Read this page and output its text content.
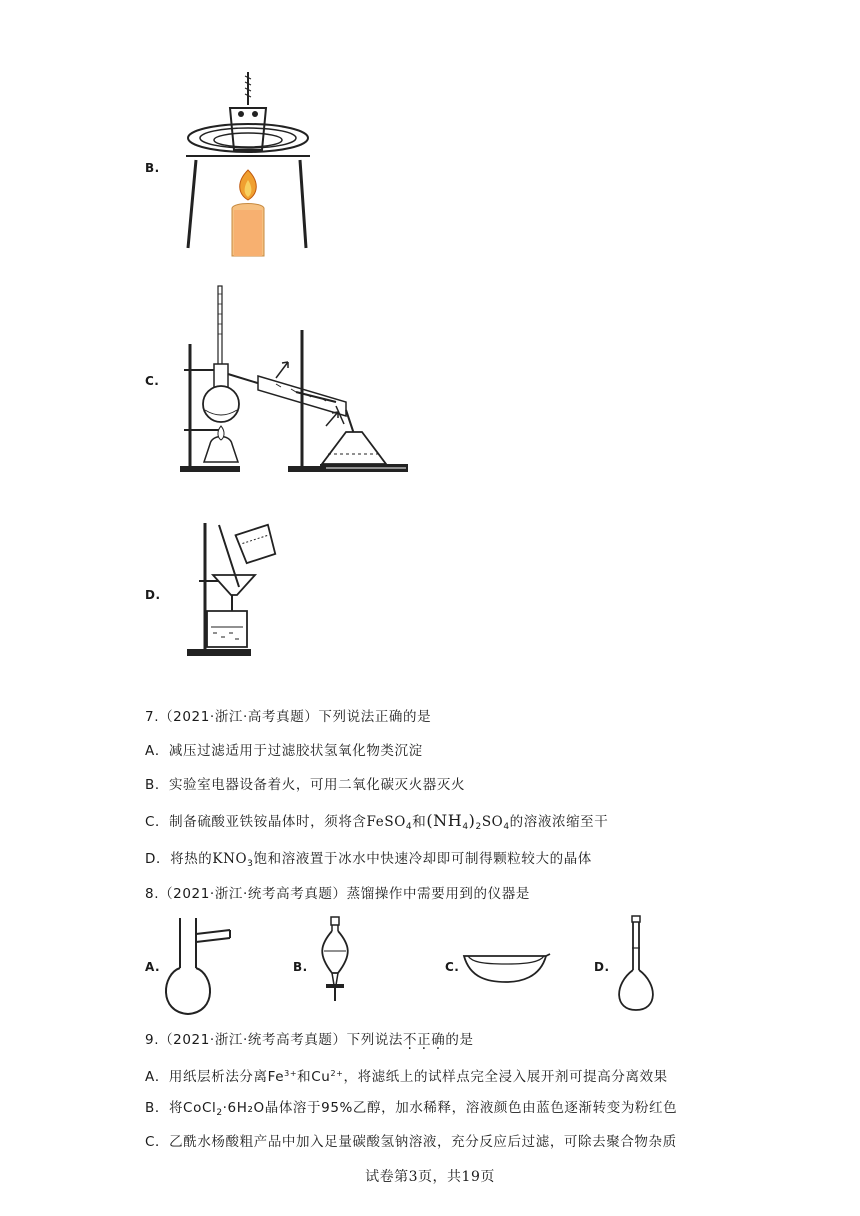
B.
C.
D.
7.（2021·浙江·高考真题）下列说法正确的是
A．减压过滤适用于过滤胶状氢氧化物类沉淀
B．实验室电器设备着火，可用二氧化碳灭火器灭火
C．制备硫酸亚铁铵晶体时，须将含FeSO$_4$和$(NH_4)_2SO_4$的溶液浓缩至干
D．将热的$KNO_3$饱和溶液置于冰水中快速冷却即可制得颗粒较大的晶体
8.（2021·浙江·统考高考真题）蒸馏操作中需要用到的仪器是
A.	B.	C.	D.
9.（2021·浙江·统考高考真题）下列说法不正确的是
A．用纸层析法分离$Fe^{3+}$和$Cu^{2+}$，将滤纸上的试样点完全浸入展开剂可提高分离效果
B．将CoCl$_2$·6H₂O晶体溶于95%乙醇，加水稀释，溶液颜色由蓝色逐渐转变为粉红色
C．乙酰水杨酸粗产品中加入足量碳酸氢钠溶液，充分反应后过滤，可除去聚合物杂质
试卷第3页，共19页
